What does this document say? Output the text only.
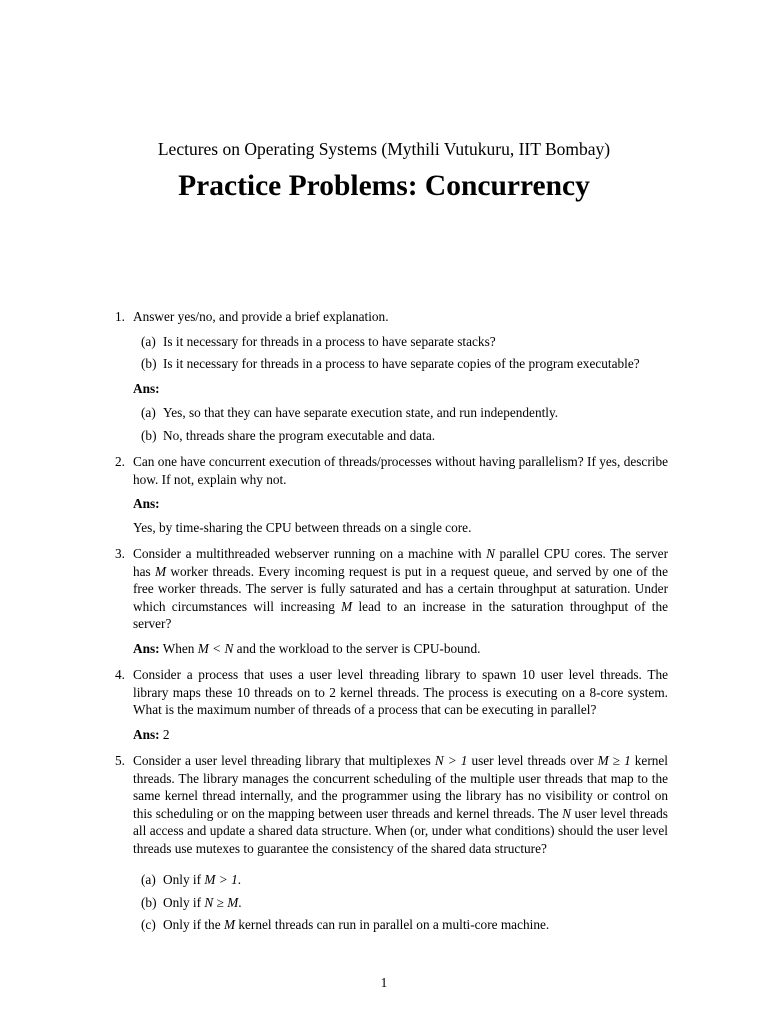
Lectures on Operating Systems (Mythili Vutukuru, IIT Bombay)
Practice Problems: Concurrency
1. Answer yes/no, and provide a brief explanation.
(a) Is it necessary for threads in a process to have separate stacks?
(b) Is it necessary for threads in a process to have separate copies of the program executable?
Ans:
(a) Yes, so that they can have separate execution state, and run independently.
(b) No, threads share the program executable and data.
2. Can one have concurrent execution of threads/processes without having parallelism? If yes, describe how. If not, explain why not.
Ans:
Yes, by time-sharing the CPU between threads on a single core.
3. Consider a multithreaded webserver running on a machine with N parallel CPU cores. The server has M worker threads. Every incoming request is put in a request queue, and served by one of the free worker threads. The server is fully saturated and has a certain throughput at saturation. Under which circumstances will increasing M lead to an increase in the saturation throughput of the server?
Ans: When M < N and the workload to the server is CPU-bound.
4. Consider a process that uses a user level threading library to spawn 10 user level threads. The library maps these 10 threads on to 2 kernel threads. The process is executing on a 8-core system. What is the maximum number of threads of a process that can be executing in parallel?
Ans: 2
5. Consider a user level threading library that multiplexes N > 1 user level threads over M ≥ 1 kernel threads. The library manages the concurrent scheduling of the multiple user threads that map to the same kernel thread internally, and the programmer using the library has no visibility or control on this scheduling or on the mapping between user threads and kernel threads. The N user level threads all access and update a shared data structure. When (or, under what conditions) should the user level threads use mutexes to guarantee the consistency of the shared data structure?
(a) Only if M > 1.
(b) Only if N ≥ M.
(c) Only if the M kernel threads can run in parallel on a multi-core machine.
1
